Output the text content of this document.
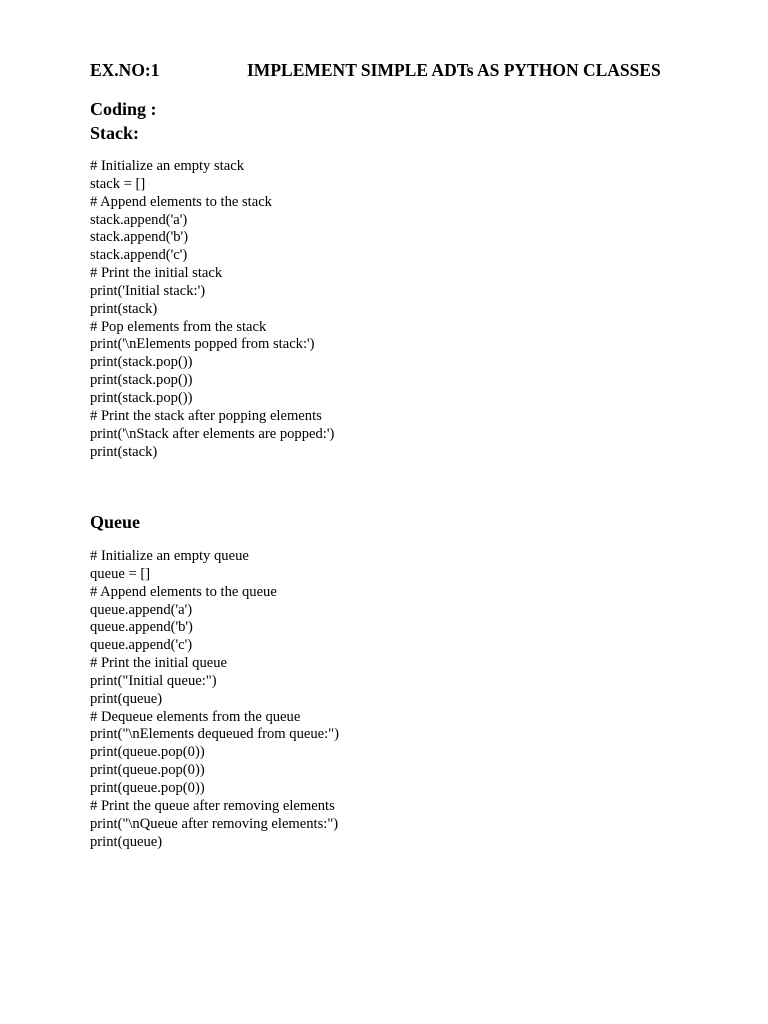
EX.NO:1	IMPLEMENT SIMPLE ADTs AS PYTHON CLASSES
Coding :
Stack:
# Initialize an empty stack
stack = []
# Append elements to the stack
stack.append('a')
stack.append('b')
stack.append('c')
# Print the initial stack
print('Initial stack:')
print(stack)
# Pop elements from the stack
print('\nElements popped from stack:')
print(stack.pop())
print(stack.pop())
print(stack.pop())
# Print the stack after popping elements
print('\nStack after elements are popped:')
print(stack)
Queue
# Initialize an empty queue
queue = []
# Append elements to the queue
queue.append('a')
queue.append('b')
queue.append('c')
# Print the initial queue
print("Initial queue:")
print(queue)
# Dequeue elements from the queue
print("\nElements dequeued from queue:")
print(queue.pop(0))
print(queue.pop(0))
print(queue.pop(0))
# Print the queue after removing elements
print("\nQueue after removing elements:")
print(queue)
